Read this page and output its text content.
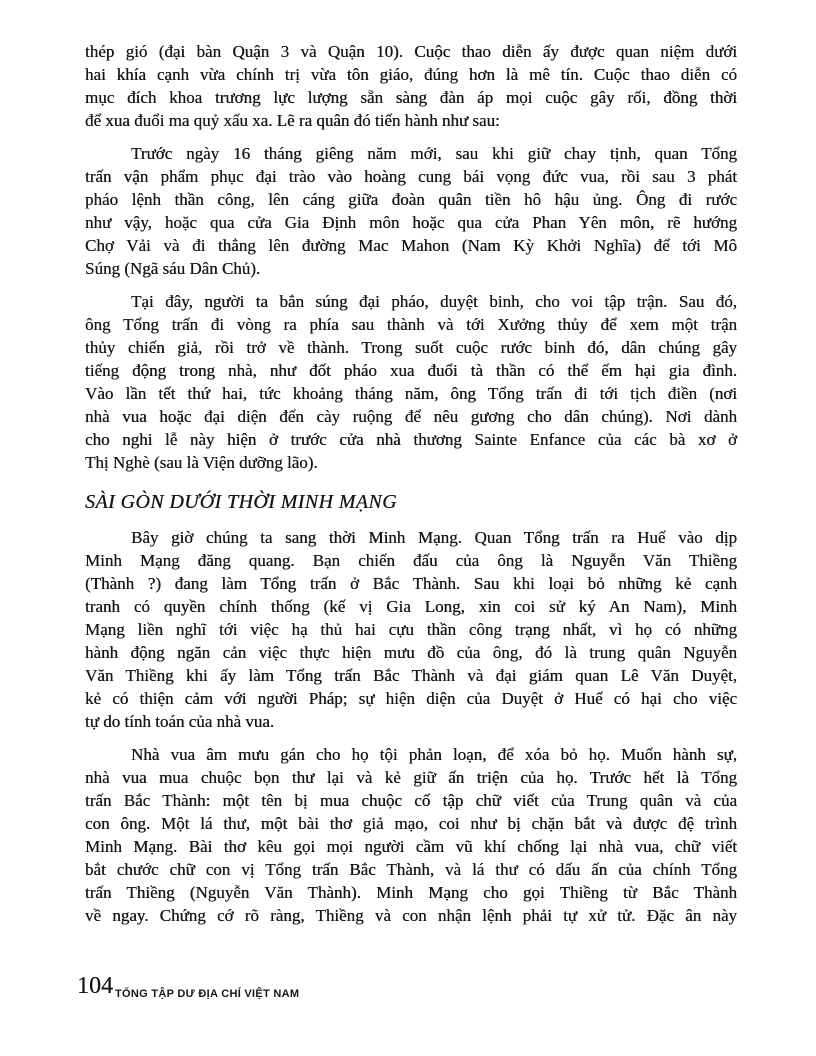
thép gió (đại bàn Quận 3 và Quận 10). Cuộc thao diễn ấy được quan niệm dưới
hai khía cạnh vừa chính trị vừa tôn giáo, đúng hơn là mê tín. Cuộc thao diễn có
mục đích khoa trương lực lượng sẵn sàng đàn áp mọi cuộc gây rối, đồng thời
để xua đuổi ma quỷ xấu xa. Lẽ ra quân đó tiến hành như sau:
Trước ngày 16 tháng giêng năm mới, sau khi giữ chay tịnh, quan Tổng
trấn vận phẩm phục đại trào vào hoàng cung bái vọng đức vua, rồi sau 3 phát
pháo lệnh thần công, lên cáng giữa đoàn quân tiền hô hậu ủng. Ông đi rước
như vậy, hoặc qua cửa Gia Định môn hoặc qua cửa Phan Yên môn, rẽ hướng
Chợ Vải và đi thẳng lên đường Mac Mahon (Nam Kỳ Khởi Nghĩa) để tới Mô
Súng (Ngã sáu Dân Chủ).
Tại đây, người ta bắn súng đại pháo, duyệt binh, cho voi tập trận. Sau đó,
ông Tổng trấn đi vòng ra phía sau thành và tới Xưởng thủy để xem một trận
thủy chiến giả, rồi trở về thành. Trong suốt cuộc rước binh đó, dân chúng gây
tiếng động trong nhà, như đốt pháo xua đuổi tà thần có thể ếm hại gia đình.
Vào lần tết thứ hai, tức khoảng tháng năm, ông Tổng trấn đi tới tịch điền (nơi
nhà vua hoặc đại diện đến cày ruộng để nêu gương cho dân chúng). Nơi dành
cho nghi lễ này hiện ở trước cửa nhà thương Sainte Enfance của các bà xơ ở
Thị Nghè (sau là Viện dưỡng lão).
SÀI GÒN DƯỚI THỜI MINH MẠNG
Bây giờ chúng ta sang thời Minh Mạng. Quan Tổng trấn ra Huế vào dịp
Minh Mạng đăng quang. Bạn chiến đấu của ông là Nguyễn Văn Thiềng
(Thành ?) đang làm Tổng trấn ở Bắc Thành. Sau khi loại bỏ những kẻ cạnh
tranh có quyền chính thống (kế vị Gia Long, xin coi sử ký An Nam), Minh
Mạng liền nghĩ tới việc hạ thủ hai cựu thần công trạng nhất, vì họ có những
hành động ngăn cản việc thực hiện mưu đồ của ông, đó là trung quân Nguyễn
Văn Thiềng khi ấy làm Tổng trấn Bắc Thành và đại giám quan Lê Văn Duyệt,
kẻ có thiện cảm với người Pháp; sự hiện diện của Duyệt ở Huế có hại cho việc
tự do tính toán của nhà vua.
Nhà vua âm mưu gán cho họ tội phản loạn, để xóa bỏ họ. Muốn hành sự,
nhà vua mua chuộc bọn thư lại và kẻ giữ ấn triện của họ. Trước hết là Tổng
trấn Bắc Thành: một tên bị mua chuộc cố tập chữ viết của Trung quân và của
con ông. Một lá thư, một bài thơ giả mạo, coi như bị chặn bắt và được đệ trình
Minh Mạng. Bài thơ kêu gọi mọi người cầm vũ khí chống lại nhà vua, chữ viết
bắt chước chữ con vị Tổng trấn Bắc Thành, và lá thư có dấu ấn của chính Tổng
trấn Thiềng (Nguyễn Văn Thành). Minh Mạng cho gọi Thiềng từ Bắc Thành
về ngay. Chứng cớ rõ ràng, Thiềng và con nhận lệnh phải tự xử tử. Đặc ân này
104 TỔNG TẬP DƯ ĐỊA CHÍ VIỆT NAM
